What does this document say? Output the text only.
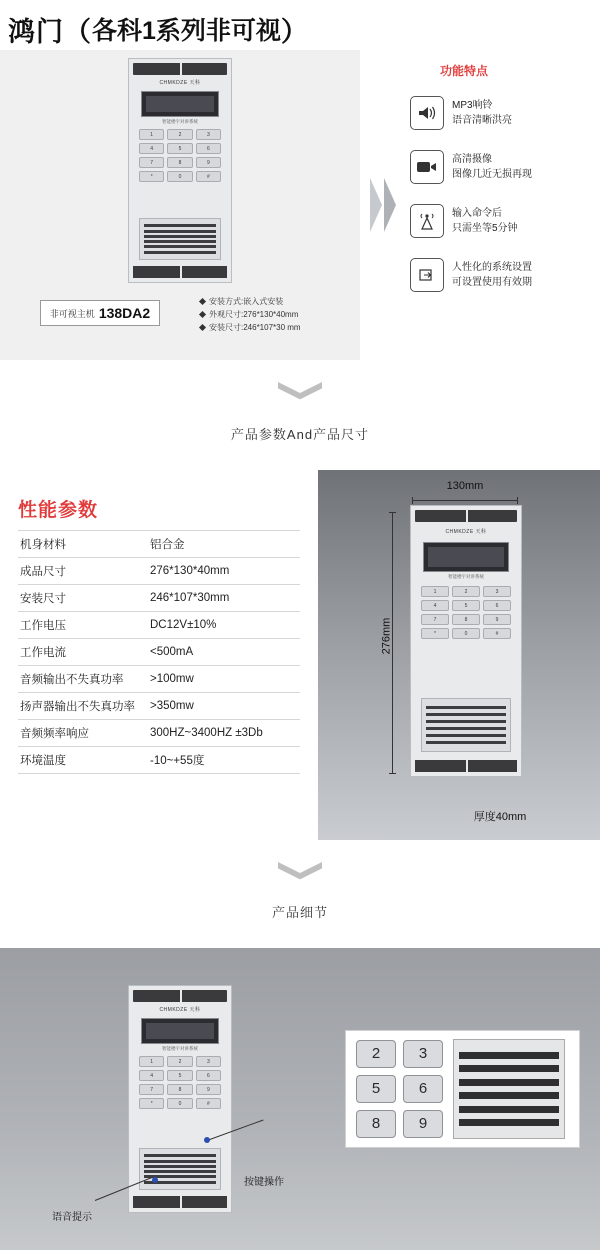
鸿门（ 各科1系列非可视 ）
CHMKDZE 天科
智能楼宇对讲系统
1	2	3
4	5	6
7	8	9
*	0	#
非可视主机 138DA2
安装方式:嵌入式安装
外观尺寸:276*130*40mm
安装尺寸:246*107*30 mm
功能特点
MP3响铃
语音清晰洪亮
高清摄像
图像几近无损再现
输入命令后
只需坐等5分钟
人性化的系统设置
可设置使用有效期
产品参数And产品尺寸
性能参数
机身材料	铝合金
成品尺寸	276*130*40mm
安装尺寸	246*107*30mm
工作电压	DC12V±10%
工作电流	<500mA
音频输出不失真功率	>100mw
扬声器输出不失真功率	>350mw
音频频率响应	300HZ~3400HZ ±3Db
环境温度	-10~+55度
130mm
276mm
厚度40mm
CHMKDZE 天科
智能楼宇对讲系统
1	2	3
4	5	6
7	8	9
*	0	#
产品细节
CHMKDZE 天科
智能楼宇对讲系统
1	2	3
4	5	6
7	8	9
*	0	#
按键操作
语音提示
2	3
5	6
8	9
